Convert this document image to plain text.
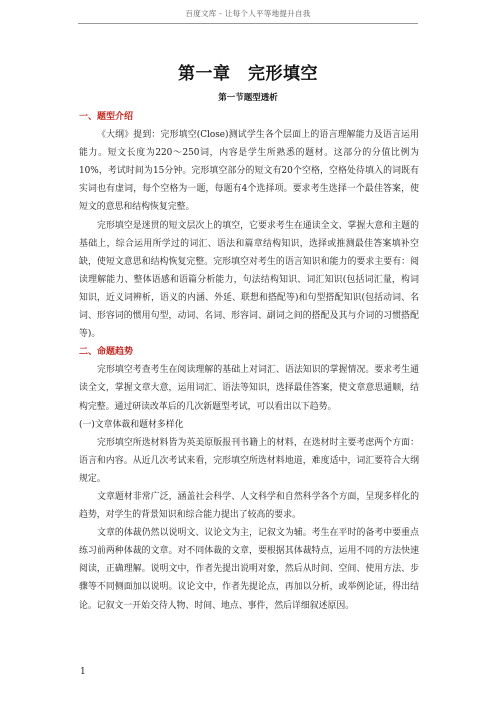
百度文库 - 让每个人平等地提升自我
第一章　完形填空
第一节题型透析

一、题型介绍

《大纲》提到：完形填空(Close)测试学生各个层面上的语言理解能力及语言运用能力。短文长度为220～250词，内容是学生所熟悉的题材。这部分的分值比例为10%，考试时间为15分钟。完形填空部分的短文有20个空格，空格处待填入的词既有实词也有虚词，每个空格为一题，每题有4个选择项。要求考生选择一个最佳答案，使短文的意思和结构恢复完整。

完形填空是迷贯的短文层次上的填空，它要求考生在通读全文、掌握大意和主题的基础上，综合运用所学过的词汇、语法和篇章结构知识，选择或推测最佳答案填补空缺，使短文意思和结构恢复完整。完形填空对考生的语言知识和能力的要求主要有：阅读理解能力、整体语感和语篇分析能力，句法结构知识、词汇知识(包括词汇量，构词知识，近义词辨析，语义的内涵、外延、联想和搭配等)和句型搭配知识(包括动词、名词、形容词的惯用句型，动词、名词、形容词、副词之间的搭配及其与介词的习惯搭配等)。

二、命题趋势

完形填空考查考生在阅读理解的基础上对词汇、语法知识的掌握情况。要求考生通读全文，掌握文章大意，运用词汇、语法等知识，选择最佳答案，使文章意思通顺，结构完整。通过研读改革后的几次新题型考试，可以看出以下趋势。

(一)文章体裁和题材多样化

完形填空所选材料皆为英美原版报刊书籍上的材料，在选材时主要考虑两个方面：语言和内容。从近几次考试来看，完形填空所选材料地道，难度适中，词汇要符合大纲规定。

文章题材非常广泛，涵盖社会科学、人文科学和自然科学各个方面，呈现多样化的趋势，对学生的背景知识和综合能力提出了较高的要求。

文章的体裁仍然以说明文、议论文为主，记叙文为辅。考生在平时的备考中要重点练习前两种体裁的文章。对不同体裁的文章，要根据其体裁特点，运用不同的方法快速阅读，正确理解。说明文中，作者先提出说明对象，然后从时间、空间、使用方法、步骤等不同侧面加以说明。议论文中，作者先提论点，再加以分析，或举例论证，得出结论。记叙文一开始交待人物、时间、地点、事件，然后详细叙述原因。

1
